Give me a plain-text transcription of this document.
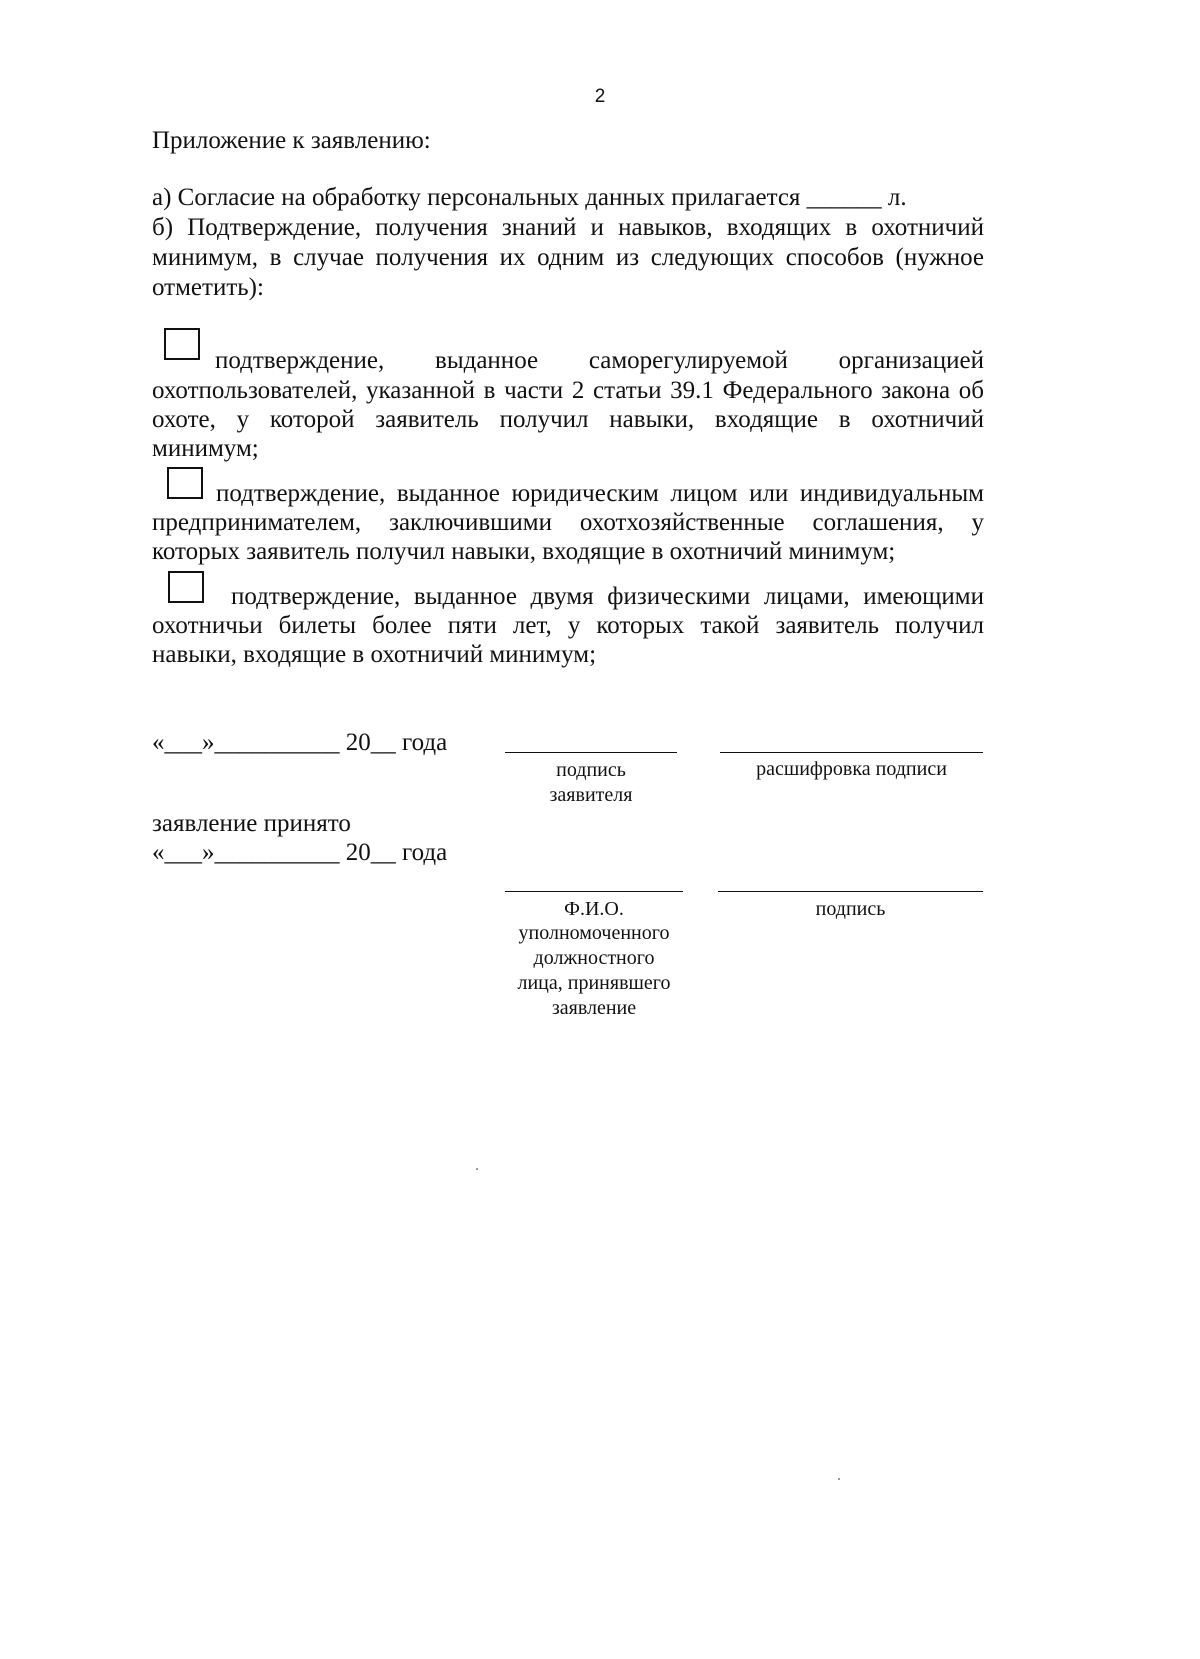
2
Приложение к заявлению:
а) Согласие на обработку персональных данных прилагается ______ л.
б) Подтверждение, получения знаний и навыков, входящих в охотничий
минимум, в случае получения их одним из следующих способов (нужное
отметить):
подтверждение, выданное саморегулируемой организацией
охотпользователей, указанной в части 2 статьи 39.1 Федерального закона об
охоте, у которой заявитель получил навыки, входящие в охотничий
минимум;
подтверждение, выданное юридическим лицом или индивидуальным
предпринимателем, заключившими охотхозяйственные соглашения, у
которых заявитель получил навыки, входящие в охотничий минимум;
подтверждение, выданное двумя физическими лицами, имеющими
охотничьи билеты более пяти лет, у которых такой заявитель получил
навыки, входящие в охотничий минимум;
«___»__________ 20__ года
подпись
заявителя
расшифровка подписи
заявление принято
«___»__________ 20__ года
Ф.И.О.
уполномоченного
должностного
лица, принявшего
заявление
подпись
